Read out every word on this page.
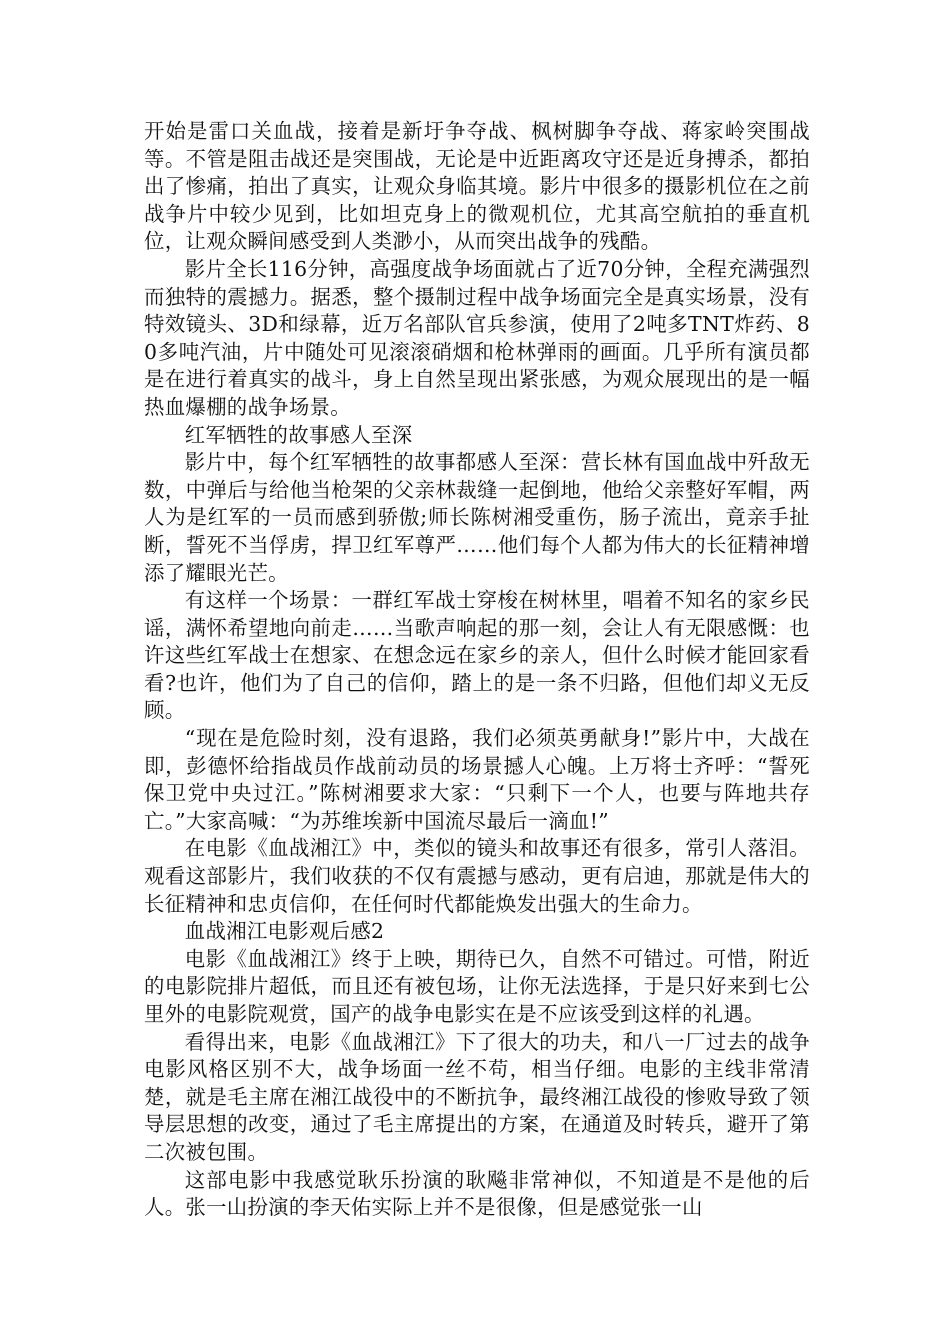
开始是雷口关血战，接着是新圩争夺战、枫树脚争夺战、蒋家岭突围战等。不管是阻击战还是突围战，无论是中近距离攻守还是近身搏杀，都拍出了惨痛，拍出了真实，让观众身临其境。影片中很多的摄影机位在之前战争片中较少见到，比如坦克身上的微观机位，尤其高空航拍的垂直机位，让观众瞬间感受到人类渺小，从而突出战争的残酷。

影片全长116分钟，高强度战争场面就占了近70分钟，全程充满强烈而独特的震撼力。据悉，整个摄制过程中战争场面完全是真实场景，没有特效镜头、3D和绿幕，近万名部队官兵参演，使用了2吨多TNT炸药、80多吨汽油，片中随处可见滚滚硝烟和枪林弹雨的画面。几乎所有演员都是在进行着真实的战斗，身上自然呈现出紧张感，为观众展现出的是一幅热血爆棚的战争场景。

红军牺牲的故事感人至深

影片中，每个红军牺牲的故事都感人至深：营长林有国血战中歼敌无数，中弹后与给他当枪架的父亲林裁缝一起倒地，他给父亲整好军帽，两人为是红军的一员而感到骄傲;师长陈树湘受重伤，肠子流出，竟亲手扯断，誓死不当俘虏，捍卫红军尊严……他们每个人都为伟大的长征精神增添了耀眼光芒。

有这样一个场景：一群红军战士穿梭在树林里，唱着不知名的家乡民谣，满怀希望地向前走……当歌声响起的那一刻，会让人有无限感慨：也许这些红军战士在想家、在想念远在家乡的亲人，但什么时候才能回家看看?也许，他们为了自己的信仰，踏上的是一条不归路，但他们却义无反顾。

“现在是危险时刻，没有退路，我们必须英勇献身!”影片中，大战在即，彭德怀给指战员作战前动员的场景撼人心魄。上万将士齐呼：“誓死保卫党中央过江。”陈树湘要求大家：“只剩下一个人，也要与阵地共存亡。”大家高喊：“为苏维埃新中国流尽最后一滴血!”

在电影《血战湘江》中，类似的镜头和故事还有很多，常引人落泪。观看这部影片，我们收获的不仅有震撼与感动，更有启迪，那就是伟大的长征精神和忠贞信仰，在任何时代都能焕发出强大的生命力。

血战湘江电影观后感2

电影《血战湘江》终于上映，期待已久，自然不可错过。可惜，附近的电影院排片超低，而且还有被包场，让你无法选择，于是只好来到七公里外的电影院观赏，国产的战争电影实在是不应该受到这样的礼遇。

看得出来，电影《血战湘江》下了很大的功夫，和八一厂过去的战争电影风格区别不大，战争场面一丝不苟，相当仔细。电影的主线非常清楚，就是毛主席在湘江战役中的不断抗争，最终湘江战役的惨败导致了领导层思想的改变，通过了毛主席提出的方案，在通道及时转兵，避开了第二次被包围。

这部电影中我感觉耿乐扮演的耿飚非常神似，不知道是不是他的后人。张一山扮演的李天佑实际上并不是很像，但是感觉张一山
